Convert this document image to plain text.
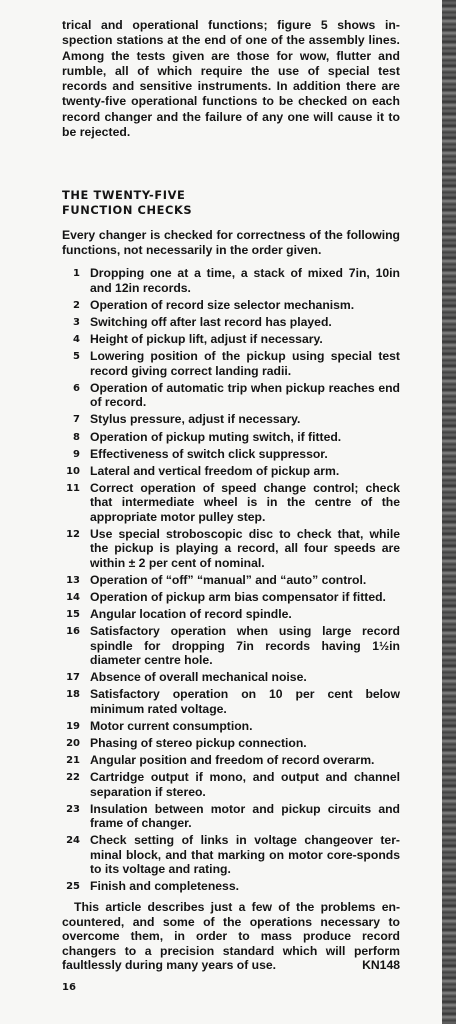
trical and operational functions; figure 5 shows in-spection stations at the end of one of the assembly lines. Among the tests given are those for wow, flutter and rumble, all of which require the use of special test records and sensitive instruments. In addition there are twenty-five operational functions to be checked on each record changer and the failure of any one will cause it to be rejected.

THE TWENTY-FIVE
FUNCTION CHECKS

Every changer is checked for correctness of the following functions, not necessarily in the order given.

1 Dropping one at a time, a stack of mixed 7in, 10in and 12in records.
2 Operation of record size selector mechanism.
3 Switching off after last record has played.
4 Height of pickup lift, adjust if necessary.
5 Lowering position of the pickup using special test record giving correct landing radii.
6 Operation of automatic trip when pickup reaches end of record.
7 Stylus pressure, adjust if necessary.
8 Operation of pickup muting switch, if fitted.
9 Effectiveness of switch click suppressor.
10 Lateral and vertical freedom of pickup arm.
11 Correct operation of speed change control; check that intermediate wheel is in the centre of the appropriate motor pulley step.
12 Use special stroboscopic disc to check that, while the pickup is playing a record, all four speeds are within ± 2 per cent of nominal.
13 Operation of “off” “manual” and “auto” control.
14 Operation of pickup arm bias compensator if fitted.
15 Angular location of record spindle.
16 Satisfactory operation when using large record spindle for dropping 7in records having 1½in diameter centre hole.
17 Absence of overall mechanical noise.
18 Satisfactory operation on 10 per cent below minimum rated voltage.
19 Motor current consumption.
20 Phasing of stereo pickup connection.
21 Angular position and freedom of record overarm.
22 Cartridge output if mono, and output and channel separation if stereo.
23 Insulation between motor and pickup circuits and frame of changer.
24 Check setting of links in voltage changeover ter-minal block, and that marking on motor core-sponds to its voltage and rating.
25 Finish and completeness.

This article describes just a few of the problems en-countered, and some of the operations necessary to overcome them, in order to mass produce record changers to a precision standard which will perform faultlessly during many years of use.	KN148

16
